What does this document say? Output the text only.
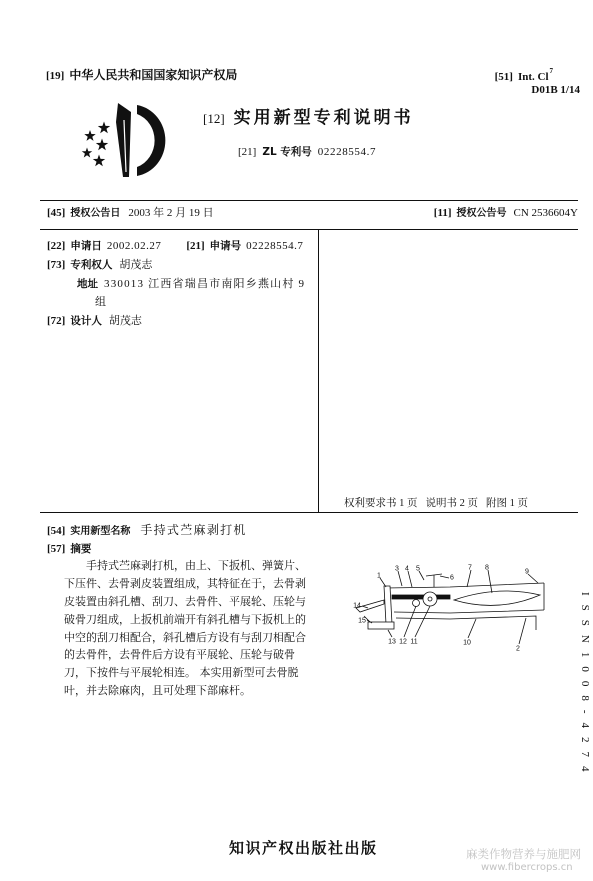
[19] 中华人民共和国国家知识产权局	[51] Int. Cl$^7$
D01B 1/14
[12] 实用新型专利说明书
[21] ZL 专利号 02228554.7
[45] 授权公告日 2003 年 2 月 19 日	[11] 授权公告号 CN 2536604Y
[22] 申请日 2002.02.27 [21] 申请号 02228554.7
[73] 专利权人 胡茂志
地址 330013 江西省瑞昌市南阳乡燕山村 9
组
[72] 设计人 胡茂志
权利要求书 1 页 说明书 2 页 附图 1 页
[54] 实用新型名称 手持式苎麻剥打机
[57] 摘要
手持式苎麻剥打机，由上、下扳机、弹簧片、
下压件、去骨剥皮装置组成，其特征在于，去骨剥
皮装置由斜孔槽、刮刀、去骨件、平展轮、压轮与
破骨刀组成，上扳机前端开有斜孔槽与下扳机上的
中空的刮刀相配合，斜孔槽后方设有与刮刀相配合
的去骨件，去骨件后方设有平展轮、压轮与破骨
刀，下按件与平展轮相连。 本实用新型可去骨脱
叶，并去除麻肉，且可处理下部麻杆。
1
3 4 5
6
7 8
9
14
15
13 12 11	10
2	ISSN1008-4274
知识产权出版社出版	麻类作物营养与施肥网
www.fibercrops.cn
